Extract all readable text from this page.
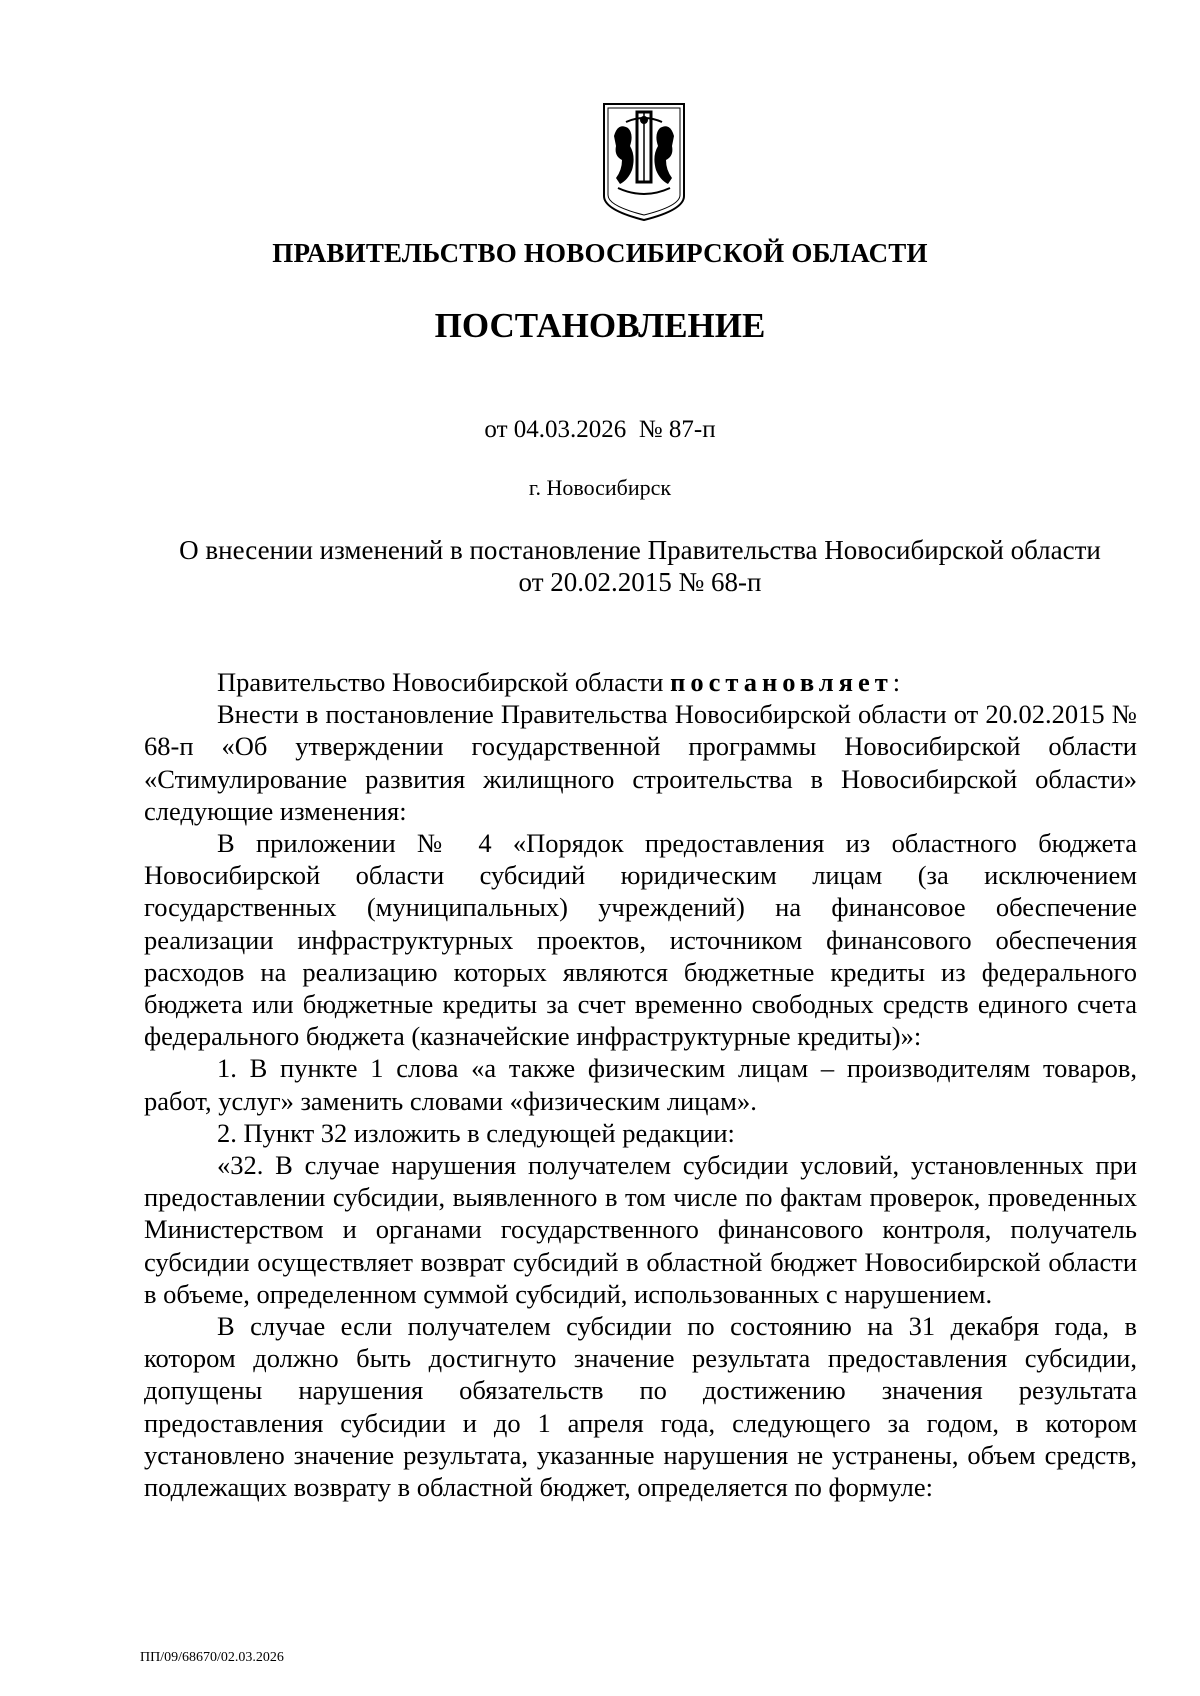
ПРАВИТЕЛЬСТВО НОВОСИБИРСКОЙ ОБЛАСТИ
ПОСТАНОВЛЕНИЕ
от 04.03.2026  № 87-п
г. Новосибирск
О внесении изменений в постановление Правительства Новосибирской области
от 20.02.2015 № 68-п

Правительство Новосибирской области постановляет:

Внести в постановление Правительства Новосибирской области от 20.02.2015 № 68-п «Об утверждении государственной программы Новосибирской области «Стимулирование развития жилищного строительства в Новосибирской области» следующие изменения:

В приложении № 4 «Порядок предоставления из областного бюджета Новосибирской области субсидий юридическим лицам (за исключением государственных (муниципальных) учреждений) на финансовое обеспечение реализации инфраструктурных проектов, источником финансового обеспечения расходов на реализацию которых являются бюджетные кредиты из федерального бюджета или бюджетные кредиты за счет временно свободных средств единого счета федерального бюджета (казначейские инфраструктурные кредиты)»:

1. В пункте 1 слова «а также физическим лицам – производителям товаров, работ, услуг» заменить словами «физическим лицам».

2. Пункт 32 изложить в следующей редакции:

«32. В случае нарушения получателем субсидии условий, установленных при предоставлении субсидии, выявленного в том числе по фактам проверок, проведенных Министерством и органами государственного финансового контроля, получатель субсидии осуществляет возврат субсидий в областной бюджет Новосибирской области в объеме, определенном суммой субсидий, использованных с нарушением.

В случае если получателем субсидии по состоянию на 31 декабря года, в котором должно быть достигнуто значение результата предоставления субсидии, допущены нарушения обязательств по достижению значения результата предоставления субсидии и до 1 апреля года, следующего за годом, в котором установлено значение результата, указанные нарушения не устранены, объем средств, подлежащих возврату в областной бюджет, определяется по формуле:

ПП/09/68670/02.03.2026
